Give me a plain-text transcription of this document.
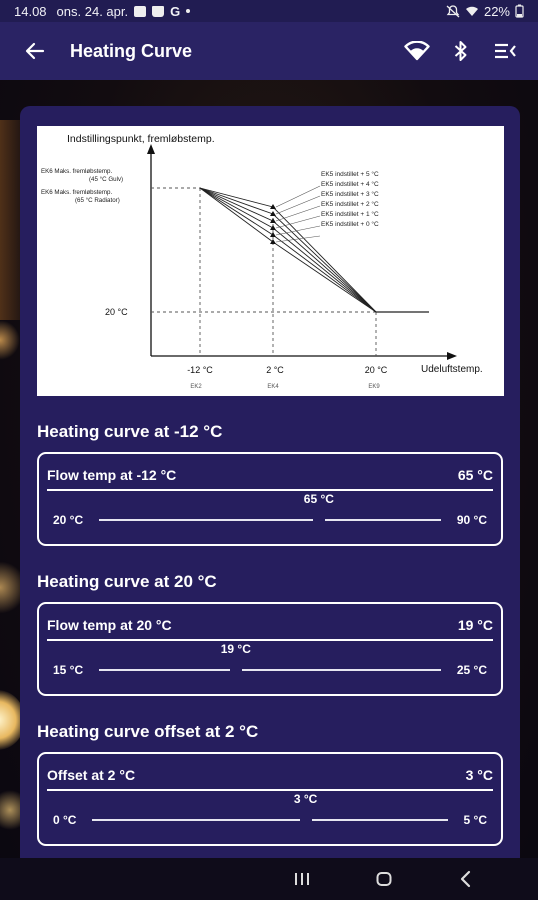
14.08 ons. 24. apr.	G	22%
Heating Curve
Indstillingspunkt, fremløbstemp.
Udeluftstemp.
EK6 Maks. fremløbstemp.
(45 °C Gulv)
EK6 Maks. fremløbstemp.
(65 °C Radiator)
20 °C
EK5 indstillet + 5 °C
EK5 indstillet + 4 °C
EK5 indstillet + 3 °C
EK5 indstillet + 2 °C
EK5 indstillet + 1 °C
EK5 indstillet + 0 °C
-12 °C	2 °C	20 °C
EK2	EK4	EK9
Heating curve at -12 °C
Flow temp at -12 °C	65 °C
20 °C
65 °C
90 °C
Heating curve at 20 °C
Flow temp at 20 °C	19 °C
15 °C
19 °C
25 °C
Heating curve offset at 2 °C
Offset at 2 °C	3 °C
0 °C
3 °C
5 °C
